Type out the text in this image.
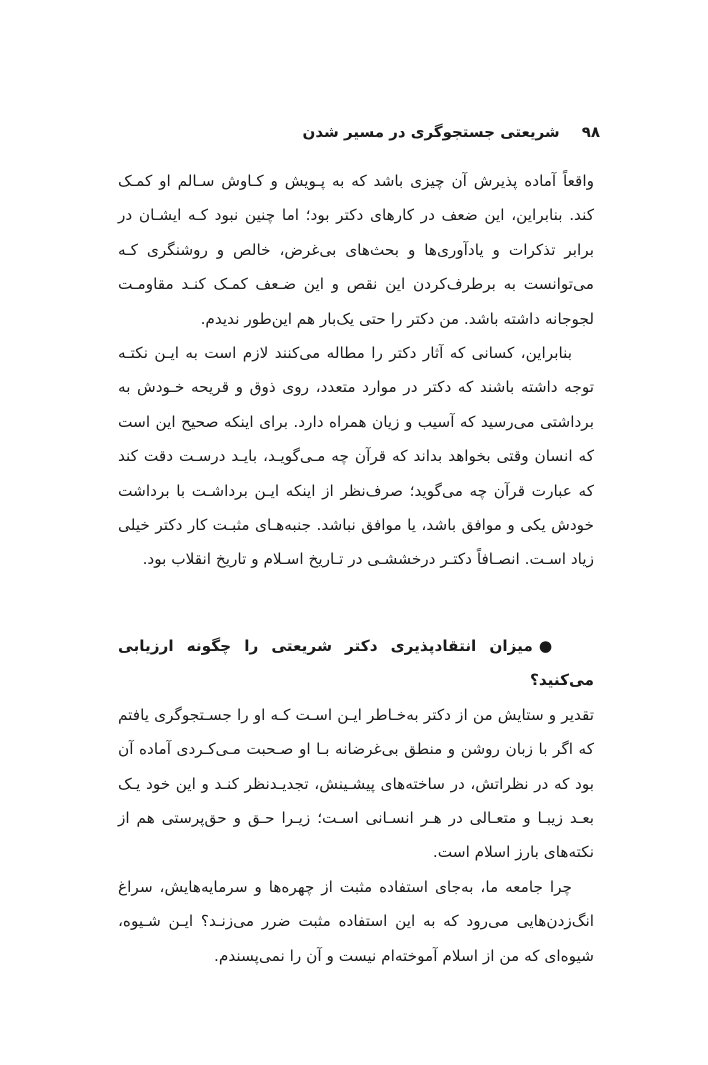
۹۸
شریعتی جستجوگری در مسیر شدن

واقعاً آماده پذیرش آن چیزی باشد که به پـویش و کـاوش سـالم او کمـک کند. بنابراین، این ضعف در کارهای دکتر بود؛ اما چنین نبود کـه ایشـان در برابر تذکرات و یادآوری‌ها و بحث‌های بی‌غرض، خالص و روشنگری کـه می‌توانست به برطرف‌کردن این نقص و این ضـعف کمـک کنـد مقاومـت لجوجانه داشته باشد. من دکتر را حتی یک‌بار هم این‌طور ندیدم.

بنابراین، کسانی که آثار دکتر را مطاله می‌کنند لازم است به ایـن نکتـه توجه داشته باشند که دکتر در موارد متعدد، روی ذوق و قریحه خـودش به برداشتی می‌رسید که آسیب و زیان همراه دارد. برای اینکه صحیح این است که انسان وقتی بخواهد بداند که قرآن چه مـی‌گویـد، بایـد درسـت دقت کند که عبارت قرآن چه می‌گوید؛ صرف‌نظر از اینکه ایـن برداشـت با برداشت خودش یکی و موافق باشد، یا موافق نباشد. جنبه‌هـای مثبـت کار دکتر خیلی زیاد اسـت. انصـافاً دکتـر درخششـی در تـاریخ اسـلام و تاریخ انقلاب بود.

●میزان انتقادپذیری دکتر شریعتی را چگونه ارزیابی می‌کنید؟

تقدیر و ستایش من از دکتر به‌خـاطر ایـن اسـت کـه او را جسـتجوگری یافتم که اگر با زبان روشن و منطق بی‌غرضانه بـا او صـحبت مـی‌کـردی آماده آن بود که در نظراتش، در ساخته‌های پیشـینش، تجدیـدنظر کنـد و این خود یـک بعـد زیبـا و متعـالی در هـر انسـانی اسـت؛ زیـرا حـق و حق‌پرستی هم از نکته‌های بارز اسلام است.

چرا جامعه ما، به‌جای استفاده مثبت از چهره‌ها و سرمایه‌هایش، سراغ انگ‌زدن‌هایی می‌رود که به این استفاده مثبت ضرر می‌زنـد؟ ایـن شـیوه، شیوه‌ای که من از اسلام آموخته‌ام نیست و آن را نمی‌پسندم.
